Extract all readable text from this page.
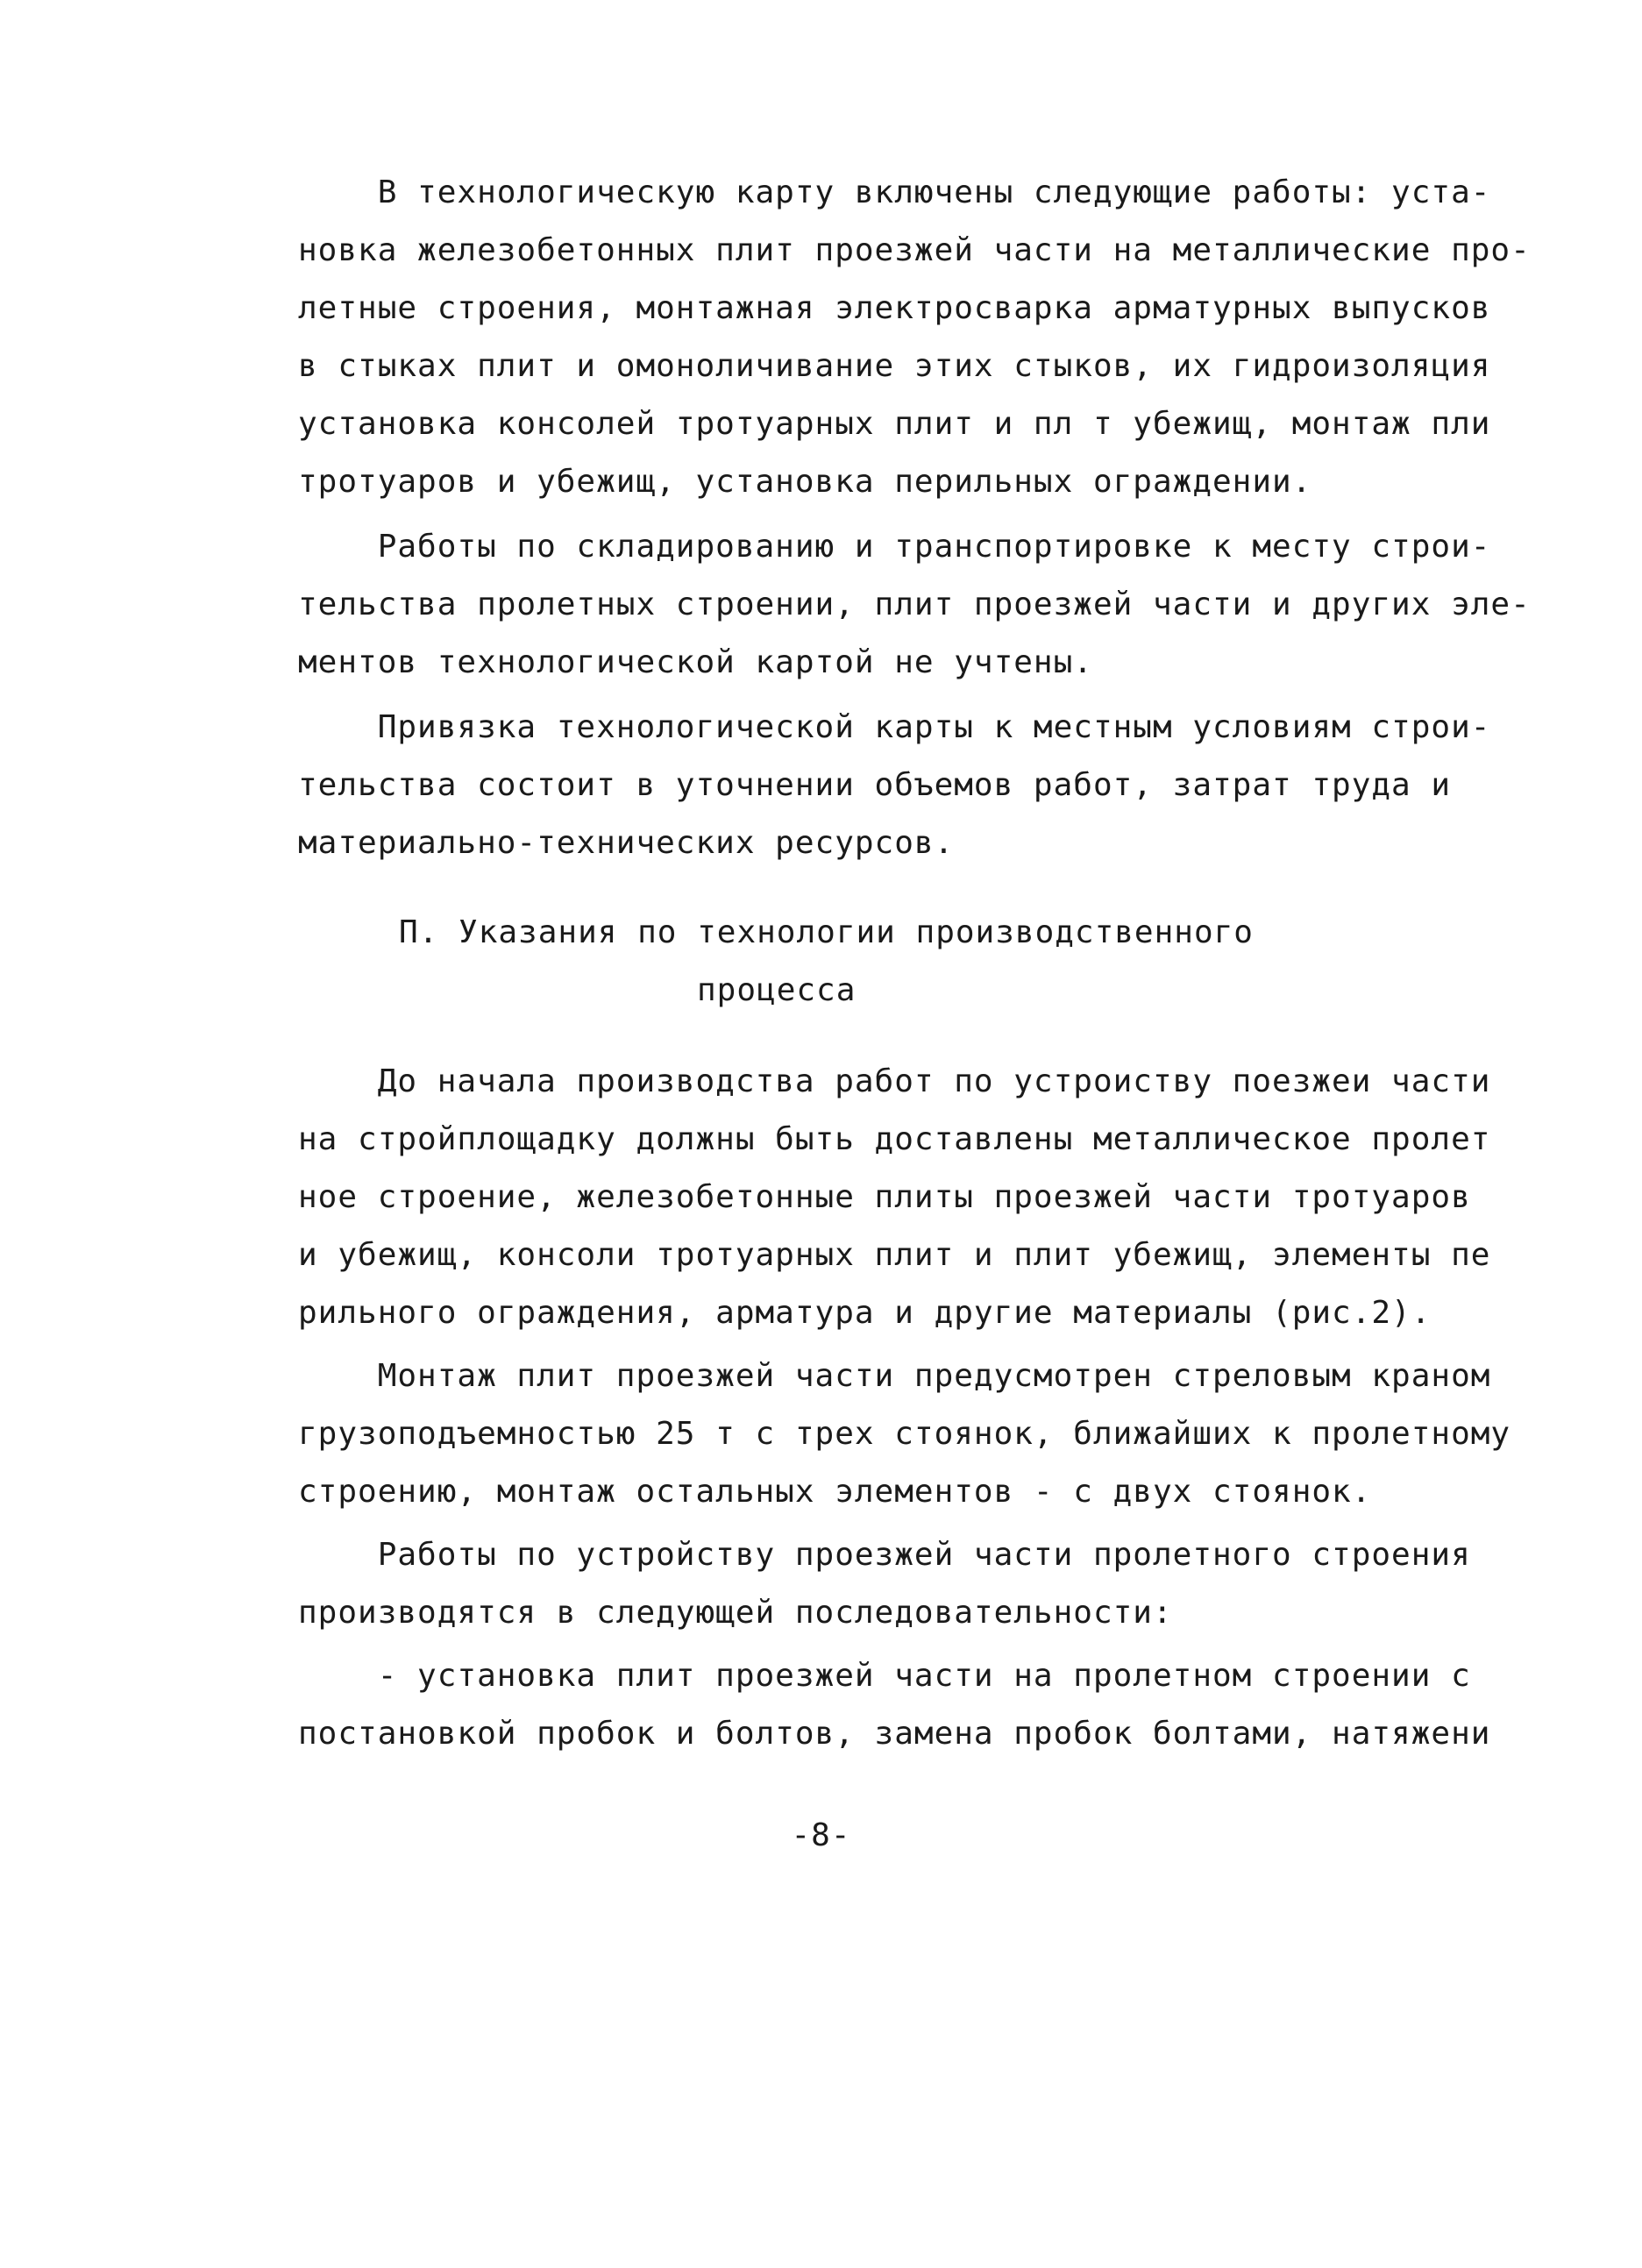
В технологическую карту включены следующие работы: уста-
новка железобетонных плит проезжей части на металлические про-
летные строения, монтажная электросварка арматурных выпусков
в стыках плит и омоноличивание этих стыков, их гидроизоляция
установка консолей тротуарных плит и пл т убежищ, монтаж пли
тротуаров и убежищ, установка перильных ограждении.
Работы по складированию и транспортировке к месту строи-
тельства пролетных строении, плит проезжей части и других эле-
ментов технологической картой не учтены.
Привязка технологической карты к местным условиям строи-
тельства состоит в уточнении объемов работ, затрат труда и
материально-технических ресурсов.
П. Указания по технологии производственного
процесса
До начала производства работ по устроиству поезжеи части
на стройплощадку должны быть доставлены металлическое пролет
ное строение, железобетонные плиты проезжей части тротуаров
и убежищ, консоли тротуарных плит и плит убежищ, элементы пе
рильного ограждения, арматура и другие материалы (рис.2).
Монтаж плит проезжей части предусмотрен стреловым краном
грузоподъемностью 25 т с трех стоянок, ближайших к пролетному
строению, монтаж остальных элементов - с двух стоянок.
Работы по устройству проезжей части пролетного строения
производятся в следующей последовательности:
- установка плит проезжей части на пролетном строении с
постановкой пробок и болтов, замена пробок болтами, натяжени
-8-
